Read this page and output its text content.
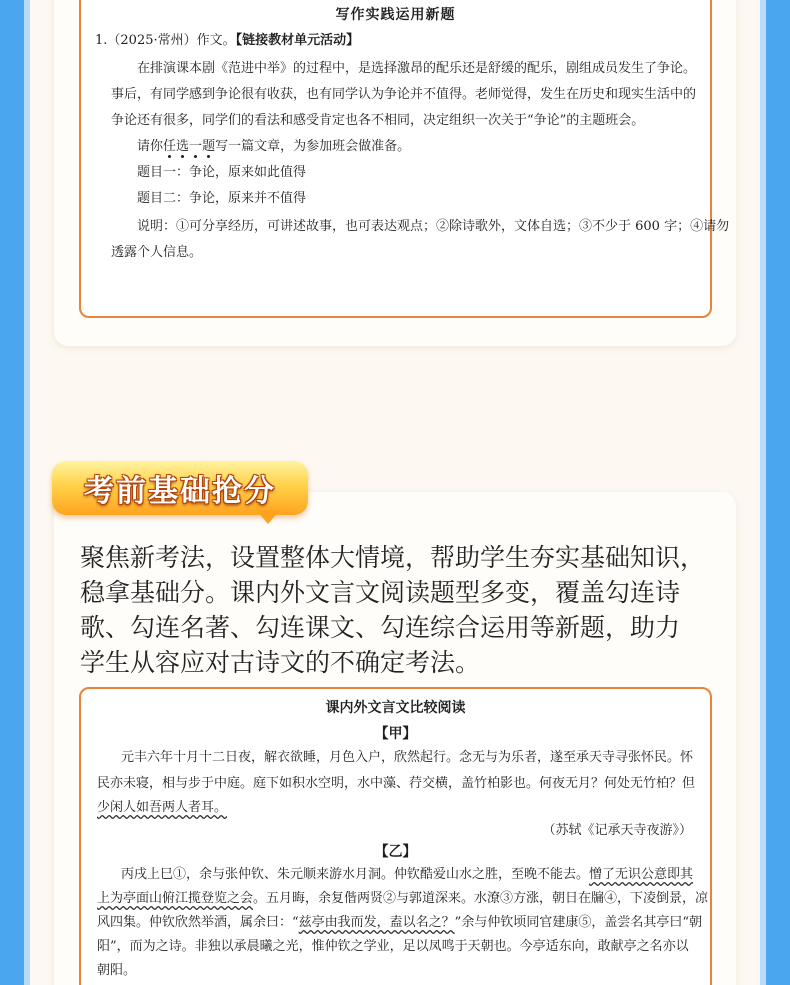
写作实践运用新题
1.（2025·常州）作文。【链接教材单元活动】
在排演课本剧《范进中举》的过程中，是选择激昂的配乐还是舒缓的配乐，剧组成员发生了争论。
事后，有同学感到争论很有收获，也有同学认为争论并不值得。老师觉得，发生在历史和现实生活中的
争论还有很多，同学们的看法和感受肯定也各不相同，决定组织一次关于“争论”的主题班会。
请你任选一题写一篇文章，为参加班会做准备。
题目一：争论，原来如此值得
题目二：争论，原来并不值得
说明：①可分享经历，可讲述故事，也可表达观点；②除诗歌外，文体自选；③不少于 600 字；④请勿
透露个人信息。
考前基础抢分
聚焦新考法，设置整体大情境，帮助学生夯实基础知识，
稳拿基础分。课内外文言文阅读题型多变，覆盖勾连诗
歌、勾连名著、勾连课文、勾连综合运用等新题，助力
学生从容应对古诗文的不确定考法。
课内外文言文比较阅读
【甲】
元丰六年十月十二日夜，解衣欲睡，月色入户，欣然起行。念无与为乐者，遂至承天寺寻张怀民。怀
民亦未寝，相与步于中庭。庭下如积水空明，水中藻、荇交横，盖竹柏影也。何夜无月？何处无竹柏？但
少闲人如吾两人者耳。
（苏轼《记承天寺夜游》）
【乙】
丙戌上巳①，余与张仲钦、朱元顺来游水月洞。仲钦酷爱山水之胜，至晚不能去。憎了无识公意即其
上为亭面山俯江揽登览之会。五月晦，余复偕两贤②与郭道深来。水潦③方涨，朝日在牖④，下凌倒景，凉
风四集。仲钦欣然举酒，属余曰：“兹亭由我而发，盍以名之？”余与仲钦顷同官建康⑤，盖尝名其亭曰“朝
阳”，而为之诗。非独以承晨曦之光，惟仲钦之学业，足以凤鸣于天朝也。今亭适东向，敢献亭之名亦以
朝阳。
